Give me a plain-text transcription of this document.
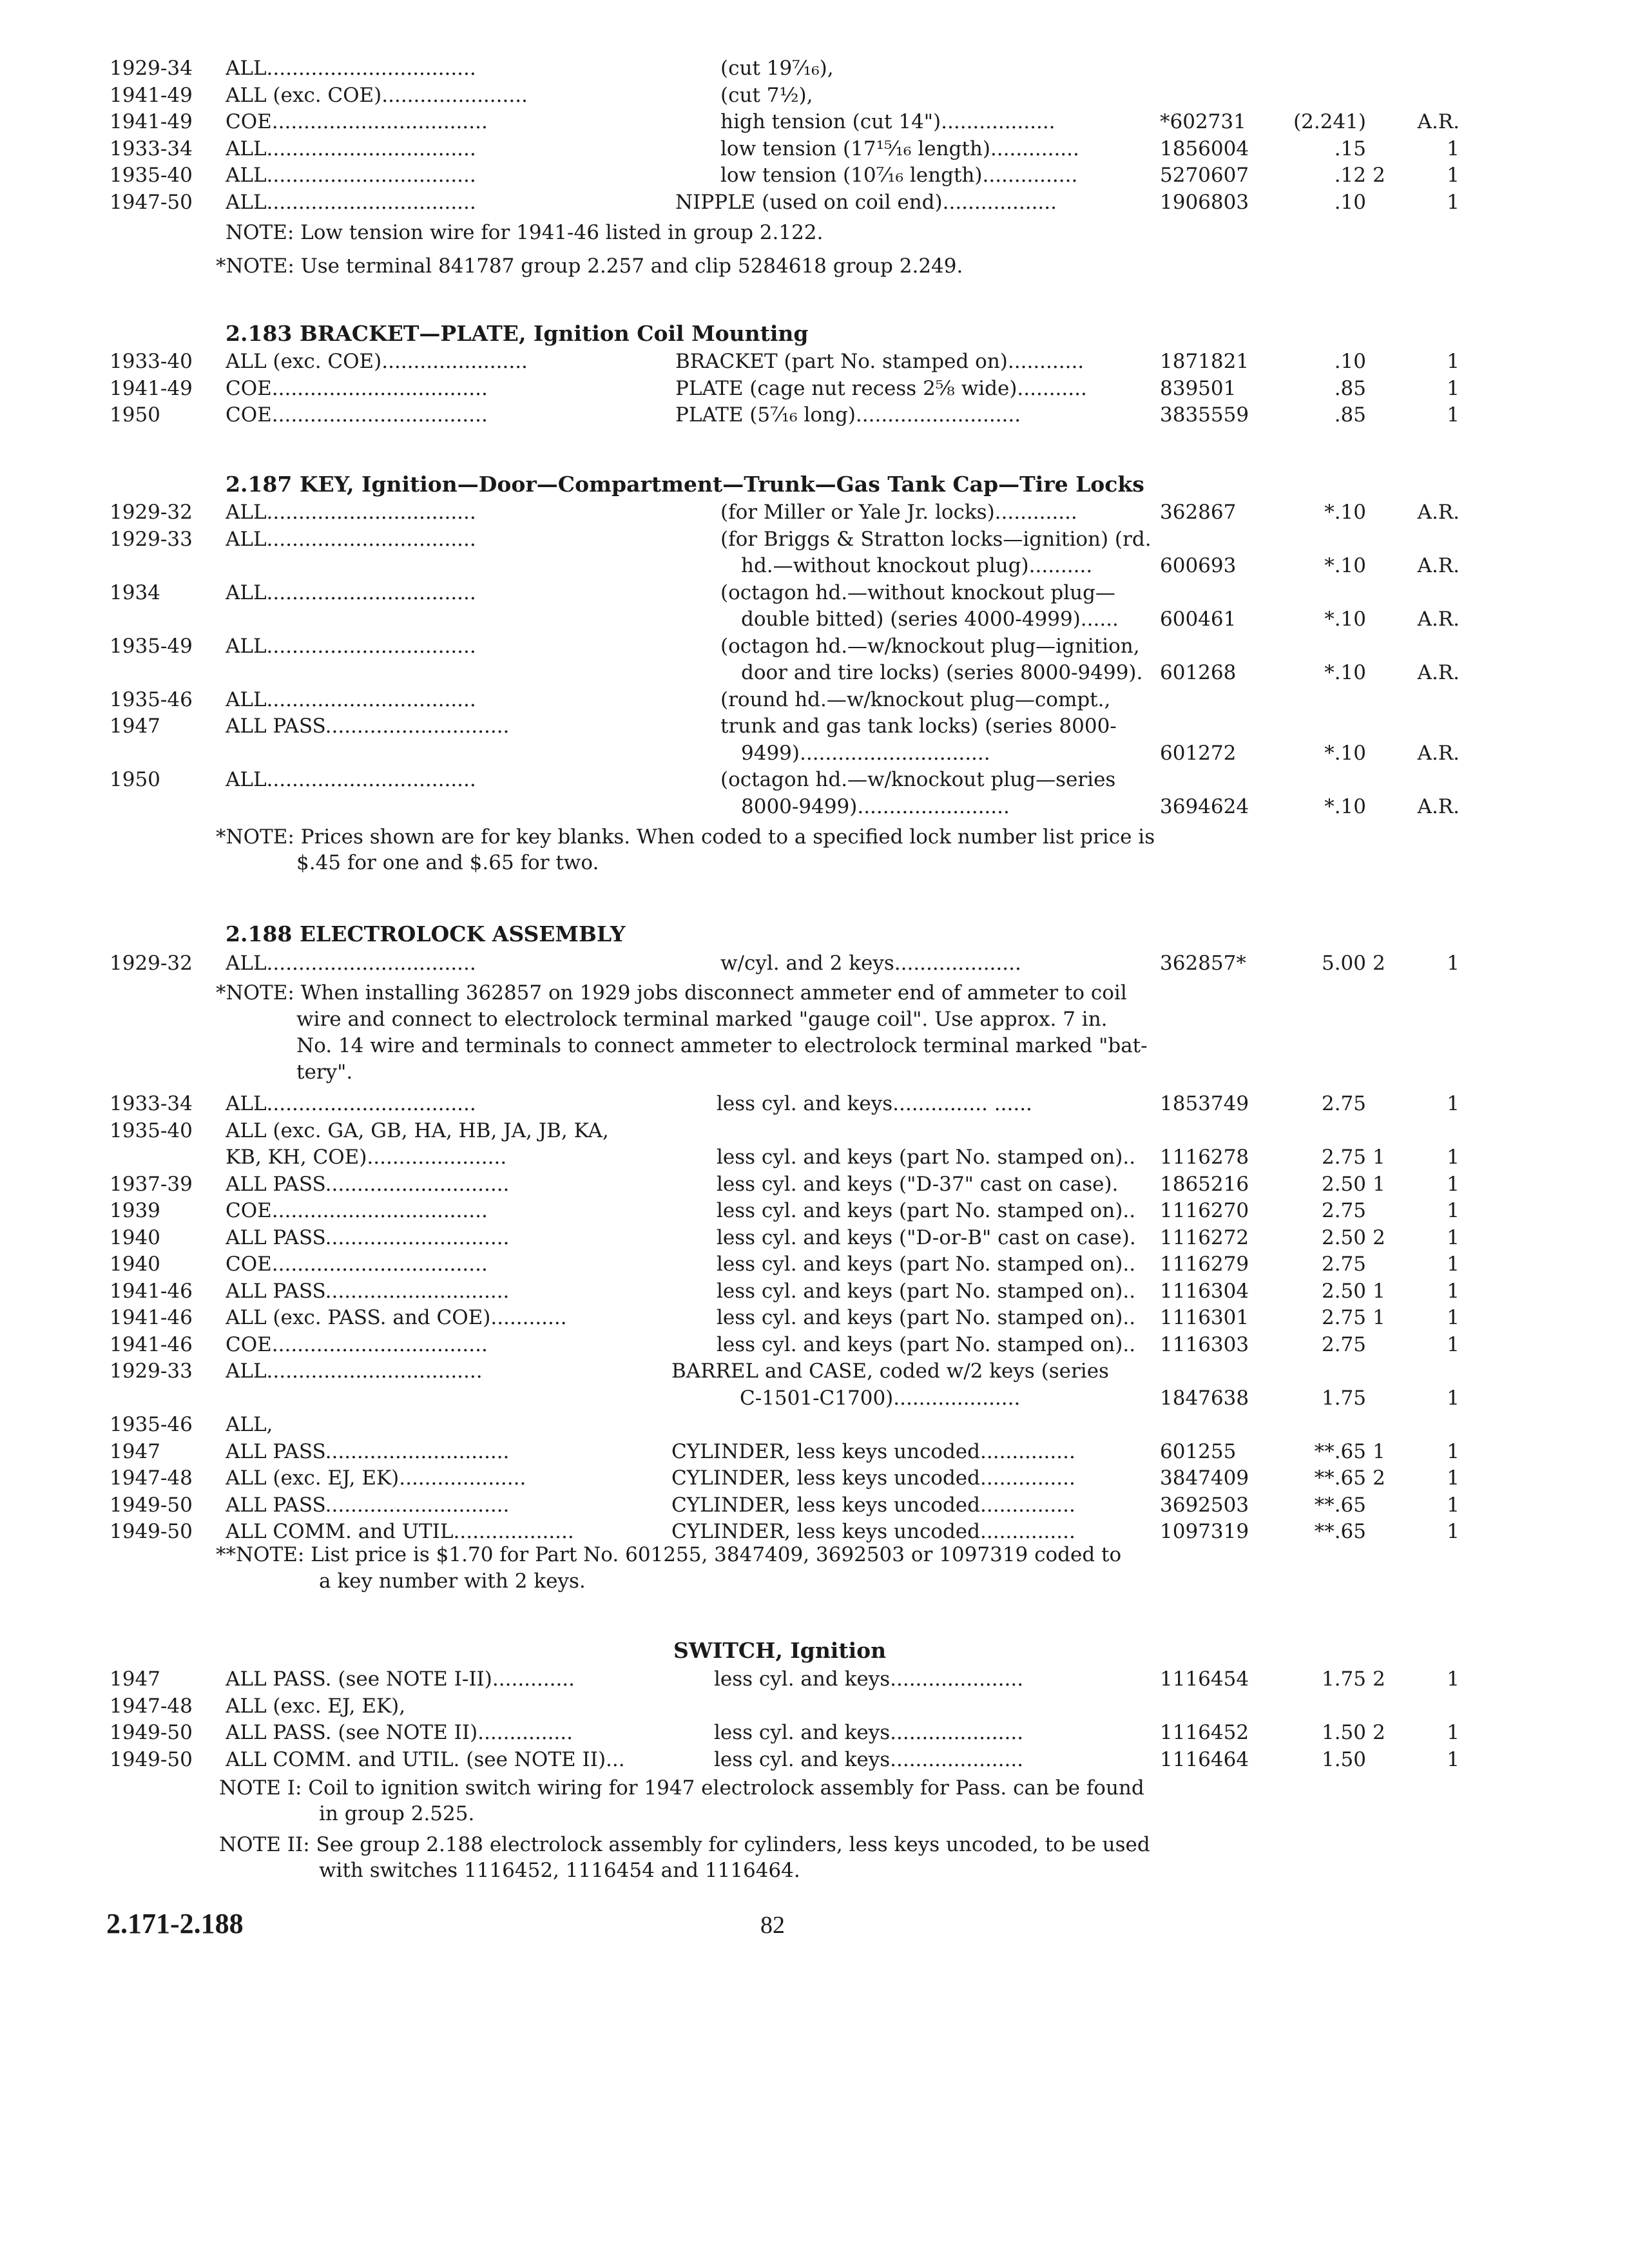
1929-34	ALL.................................	(cut 19⁷⁄₁₆),
1941-49	ALL (exc. COE).......................	(cut 7½),
1941-49	COE..................................	high tension (cut 14")..................	*602731	(2.241)	A.R.
1933-34	ALL.................................	low tension (17¹⁵⁄₁₆ length)..............	1856004	.15	1
1935-40	ALL.................................	low tension (10⁷⁄₁₆ length)...............	5270607	.12 2	1
1947-50	ALL.................................	NIPPLE (used on coil end)..................	1906803	.10	1
NOTE: Low tension wire for 1941-46 listed in group 2.122.
*NOTE: Use terminal 841787 group 2.257 and clip 5284618 group 2.249.
2.183 BRACKET—PLATE, Ignition Coil Mounting
1933-40	ALL (exc. COE).......................	BRACKET (part No. stamped on)............	1871821	.10	1
1941-49	COE..................................	PLATE (cage nut recess 2⅝ wide)...........	839501	.85	1
1950	COE..................................	PLATE (5⁷⁄₁₆ long)..........................	3835559	.85	1
2.187 KEY, Ignition—Door—Compartment—Trunk—Gas Tank Cap—Tire Locks
1929-32	ALL.................................	(for Miller or Yale Jr. locks).............	362867	*.10	A.R.
1929-33	ALL.................................	(for Briggs & Stratton locks—ignition) (rd.
hd.—without knockout plug)..........	600693	*.10	A.R.
1934	ALL.................................	(octagon hd.—without knockout plug—
double bitted) (series 4000-4999)......	600461	*.10	A.R.
1935-49	ALL.................................	(octagon hd.—w/knockout plug—ignition,
door and tire locks) (series 8000-9499). 601268	*.10	A.R.
1935-46	ALL.................................	(round hd.—w/knockout plug—compt.,
1947	ALL PASS.............................	trunk and gas tank locks) (series 8000-
9499)..............................	601272	*.10	A.R.
1950	ALL.................................	(octagon hd.—w/knockout plug—series
8000-9499)........................	3694624	*.10	A.R.
*NOTE: Prices shown are for key blanks. When coded to a specified lock number list price is
$.45 for one and $.65 for two.
2.188 ELECTROLOCK ASSEMBLY
1929-32	ALL.................................	w/cyl. and 2 keys....................	362857*	5.00 2	1
*NOTE: When installing 362857 on 1929 jobs disconnect ammeter end of ammeter to coil
wire and connect to electrolock terminal marked "gauge coil". Use approx. 7 in.
No. 14 wire and terminals to connect ammeter to electrolock terminal marked "bat-
tery".
1933-34	ALL.................................	less cyl. and keys............... ......	1853749	2.75	1
1935-40	ALL (exc. GA, GB, HA, HB, JA, JB, KA,
KB, KH, COE)......................	less cyl. and keys (part No. stamped on)..	1116278	2.75 1	1
1937-39	ALL PASS.............................	less cyl. and keys ("D-37" cast on case).	1865216	2.50 1	1
1939	COE..................................	less cyl. and keys (part No. stamped on)..	1116270	2.75	1
1940	ALL PASS.............................	less cyl. and keys ("D-or-B" cast on case).	1116272	2.50 2	1
1940	COE..................................	less cyl. and keys (part No. stamped on)..	1116279	2.75	1
1941-46	ALL PASS.............................	less cyl. and keys (part No. stamped on)..	1116304	2.50 1	1
1941-46	ALL (exc. PASS. and COE)............	less cyl. and keys (part No. stamped on)..	1116301	2.75 1	1
1941-46	COE..................................	less cyl. and keys (part No. stamped on)..	1116303	2.75	1
1929-33	ALL..................................	BARREL and CASE, coded w/2 keys (series
C-1501-C1700)....................	1847638	1.75	1
1935-46	ALL,
1947	ALL PASS.............................	CYLINDER, less keys uncoded...............	601255	**.65 1	1
1947-48	ALL (exc. EJ, EK)....................	CYLINDER, less keys uncoded...............	3847409	**.65 2	1
1949-50	ALL PASS.............................	CYLINDER, less keys uncoded...............	3692503	**.65	1
1949-50	ALL COMM. and UTIL...................	CYLINDER, less keys uncoded...............	1097319	**.65	1
**NOTE: List price is $1.70 for Part No. 601255, 3847409, 3692503 or 1097319 coded to
a key number with 2 keys.
SWITCH, Ignition
1947	ALL PASS. (see NOTE I-II).............	less cyl. and keys.....................	1116454	1.75 2	1
1947-48	ALL (exc. EJ, EK),
1949-50	ALL PASS. (see NOTE II)...............	less cyl. and keys.....................	1116452	1.50 2	1
1949-50	ALL COMM. and UTIL. (see NOTE II)...	less cyl. and keys.....................	1116464	1.50	1
NOTE I: Coil to ignition switch wiring for 1947 electrolock assembly for Pass. can be found
in group 2.525.
NOTE II: See group 2.188 electrolock assembly for cylinders, less keys uncoded, to be used
with switches 1116452, 1116454 and 1116464.
2.171-2.188	82
